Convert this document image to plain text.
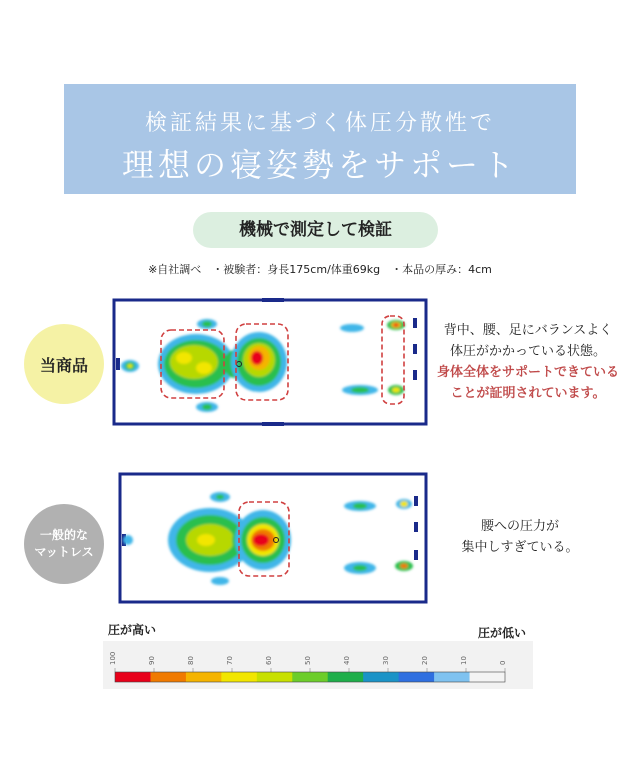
検証結果に基づく体圧分散性で
理想の寝姿勢をサポート
機械で測定して検証
※自社調べ　・被験者：身長175cm/体重69kg　・本品の厚み：4cm
当商品
背中、腰、足にバランスよく
体圧がかかっている状態。
身体全体をサポートできている
ことが証明されています。
一般的な
マットレス
腰への圧力が
集中しすぎている。
圧が高い	圧が低い
100	90	80	70	60	50	40	30	20	10	0
